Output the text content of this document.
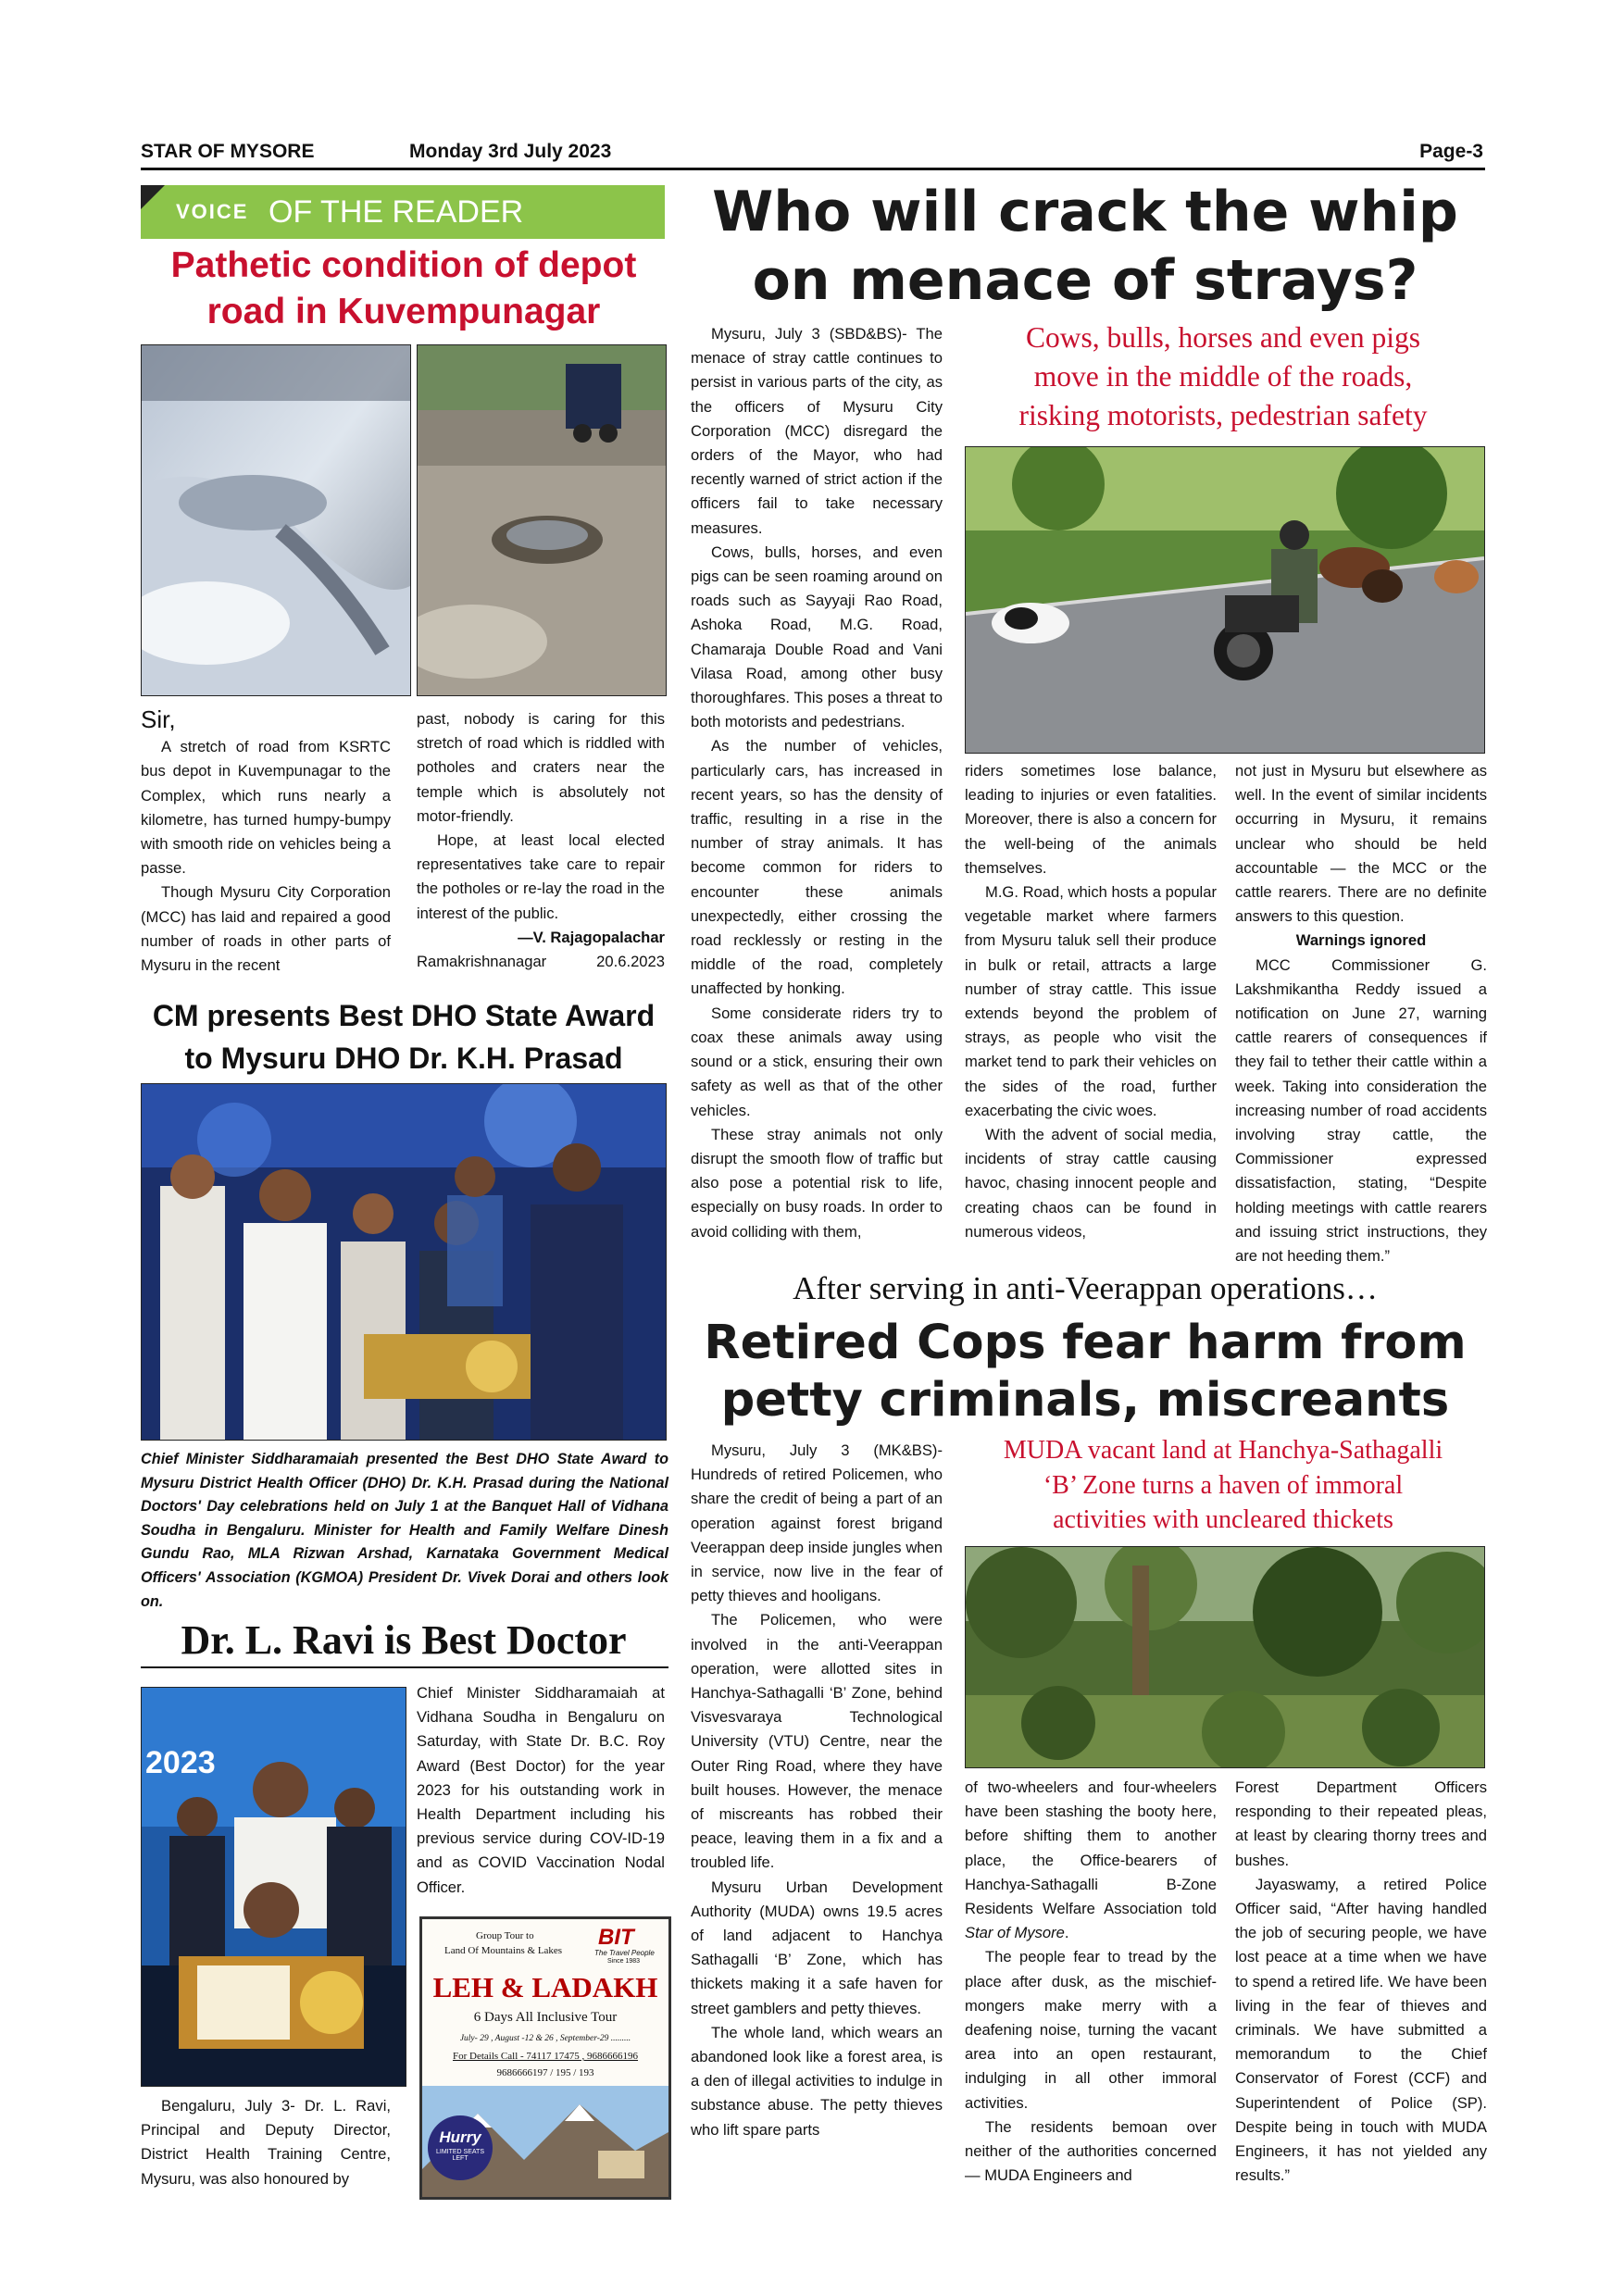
STAR OF MYSORE	Monday 3rd July 2023	Page-3
VOICE OF THE READER
Pathetic condition of depot
road in Kuvempunagar

Sir,

A stretch of road from KSRTC bus depot in Kuvempunagar to the Complex, which runs nearly a kilometre, has turned humpy-bumpy with smooth ride on vehicles being a passe.

Though Mysuru City Corporation (MCC) has laid and repaired a good number of roads in other parts of Mysuru in the recent

past, nobody is caring for this stretch of road which is riddled with potholes and craters near the temple which is absolutely not motor-friendly.

Hope, at least local elected representatives take care to repair the potholes or re-lay the road in the interest of the public.

—V. Rajagopalachar
Ramakrishnanagar	20.6.2023
CM presents Best DHO State Award
to Mysuru DHO Dr. K.H. Prasad
Chief Minister Siddharamaiah presented the Best DHO State Award to Mysuru District Health Officer (DHO) Dr. K.H. Prasad during the National Doctors' Day celebrations held on July 1 at the Banquet Hall of Vidhana Soudha in Bengaluru. Minister for Health and Family Welfare Dinesh Gundu Rao, MLA Rizwan Arshad, Karnataka Government Medical Officers' Association (KGMOA) President Dr. Vivek Dorai and others look on.
Dr. L. Ravi is Best Doctor
2023

Chief Minister Siddharamaiah at Vidhana Soudha in Bengaluru on Saturday, with State Dr. B.C. Roy Award (Best Doctor) for the year 2023 for his outstanding work in Health Department including his previous service during COV-ID-19 and as COVID Vaccination Nodal Officer.

Bengaluru, July 3- Dr. L. Ravi, Principal and Deputy Director, District Health Training Centre, Mysuru, was also honoured by

Group Tour to
Land Of Mountains & Lakes
BIT
The Travel People
Since 1983
LEH & LADAKH
6 Days All Inclusive Tour
July- 29 , August -12 & 26 , September-29 .........
For Details Call - 74117 17475 , 9686666196
9686666197 / 195 / 193
Hurry
LIMITED SEATS LEFT
Who will crack the whip
on menace of strays?

Mysuru, July 3 (SBD&BS)- The menace of stray cattle continues to persist in various parts of the city, as the officers of Mysuru City Corporation (MCC) disregard the orders of the Mayor, who had recently warned of strict action if the officers fail to take necessary measures.

Cows, bulls, horses, and even pigs can be seen roaming around on roads such as Sayyaji Rao Road, Ashoka Road, M.G. Road, Chamaraja Double Road and Vani Vilasa Road, among other busy thoroughfares. This poses a threat to both motorists and pedestrians.

As the number of vehicles, particularly cars, has increased in recent years, so has the density of traffic, resulting in a rise in the number of stray animals. It has become common for riders to encounter these animals unexpectedly, either crossing the road recklessly or resting in the middle of the road, completely unaffected by honking.

Some considerate riders try to coax these animals away using sound or a stick, ensuring their own safety as well as that of the other vehicles.

These stray animals not only disrupt the smooth flow of traffic but also pose a potential risk to life, especially on busy roads. In order to avoid colliding with them,

Cows, bulls, horses and even pigs
move in the middle of the roads,
risking motorists, pedestrian safety

riders sometimes lose balance, leading to injuries or even fatalities. Moreover, there is also a concern for the well-being of the animals themselves.

M.G. Road, which hosts a popular vegetable market where farmers from Mysuru taluk sell their produce in bulk or retail, attracts a large number of stray cattle. This issue extends beyond the problem of strays, as people who visit the market tend to park their vehicles on the sides of the road, further exacerbating the civic woes.

With the advent of social media, incidents of stray cattle causing havoc, chasing innocent people and creating chaos can be found in numerous videos,

not just in Mysuru but elsewhere as well. In the event of similar incidents occurring in Mysuru, it remains unclear who should be held accountable — the MCC or the cattle rearers. There are no definite answers to this question.

Warnings ignored

MCC Commissioner G. Lakshmikantha Reddy issued a notification on June 27, warning cattle rearers of consequences if they fail to tether their cattle within a week. Taking into consideration the increasing number of road accidents involving stray cattle, the Commissioner expressed dissatisfaction, stating, “Despite holding meetings with cattle rearers and issuing strict instructions, they are not heeding them.”

After serving in anti-Veerappan operations…
Retired Cops fear harm from
petty criminals, miscreants

Mysuru, July 3 (MK&BS)- Hundreds of retired Policemen, who share the credit of being a part of an operation against forest brigand Veerappan deep inside jungles when in service, now live in the fear of petty thieves and hooligans.

The Policemen, who were involved in the anti-Veerappan operation, were allotted sites in Hanchya-Sathagalli ‘B’ Zone, behind Visvesvaraya Technological University (VTU) Centre, near the Outer Ring Road, where they have built houses. However, the menace of miscreants has robbed their peace, leaving them in a fix and a troubled life.

Mysuru Urban Development Authority (MUDA) owns 19.5 acres of land adjacent to Hanchya Sathagalli ‘B’ Zone, which has thickets making it a safe haven for street gamblers and petty thieves.

The whole land, which wears an abandoned look like a forest area, is a den of illegal activities to indulge in substance abuse. The petty thieves who lift spare parts

MUDA vacant land at Hanchya-Sathagalli
‘B’ Zone turns a haven of immoral
activities with uncleared thickets

of two-wheelers and four-wheelers have been stashing the booty here, before shifting them to another place, the Office-bearers of Hanchya-Sathagalli B-Zone Residents Welfare Association told Star of Mysore.

The people fear to tread by the place after dusk, as the mischief-mongers make merry with a deafening noise, turning the vacant area into an open restaurant, indulging in all other immoral activities.

The residents bemoan over neither of the authorities concerned — MUDA Engineers and

Forest Department Officers responding to their repeated pleas, at least by clearing thorny trees and bushes.

Jayaswamy, a retired Police Officer said, “After having handled the job of securing people, we have lost peace at a time when we have to spend a retired life. We have been living in the fear of thieves and criminals. We have submitted a memorandum to the Chief Conservator of Forest (CCF) and Superintendent of Police (SP). Despite being in touch with MUDA Engineers, it has not yielded any results.”
